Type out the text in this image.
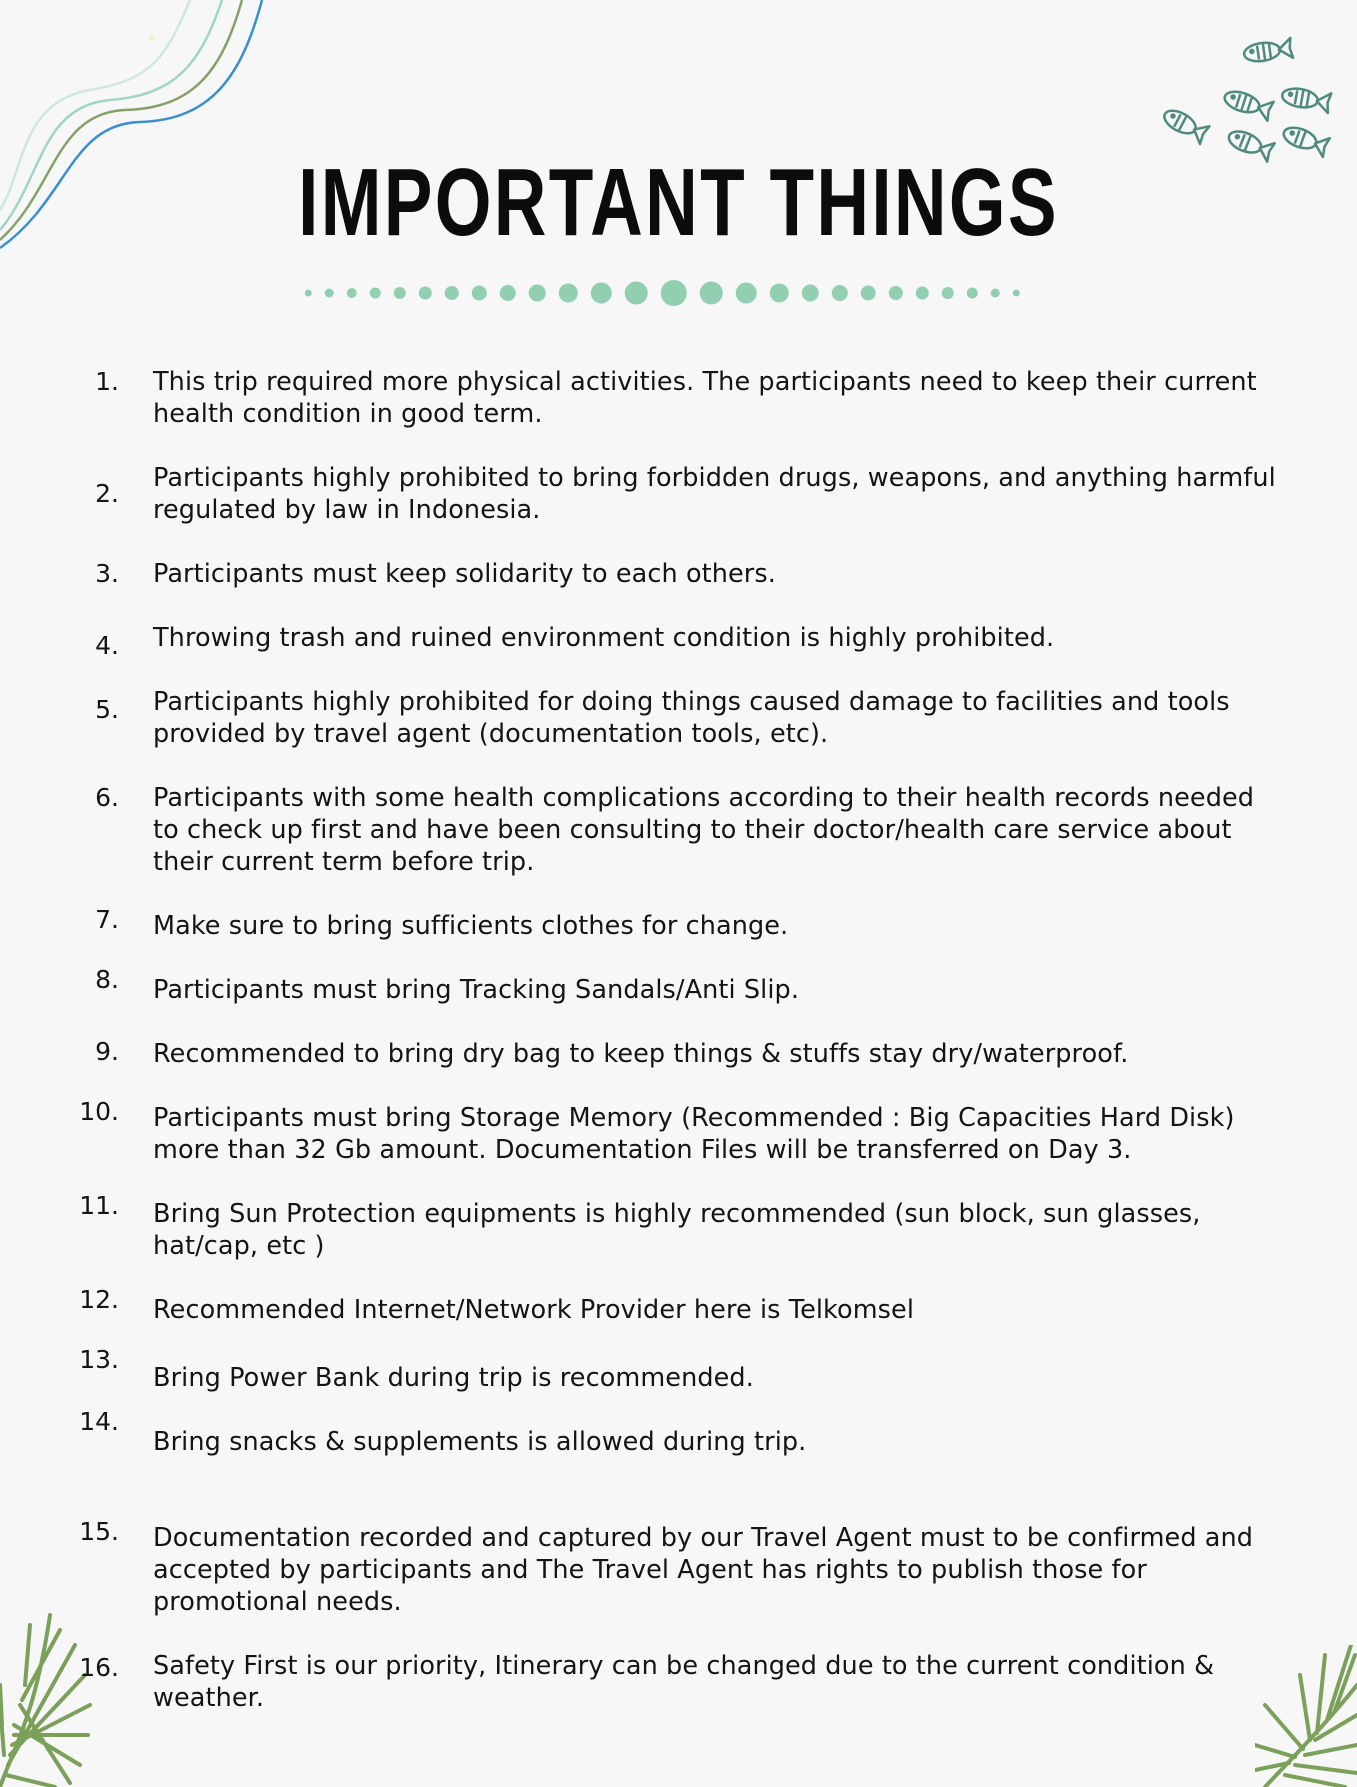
IMPORTANT THINGS
1. This trip required more physical activities. The participants need to keep their current health condition in good term.
2.
Participants highly prohibited to bring forbidden drugs, weapons, and anything harmful regulated by law in Indonesia.
3. Participants must keep solidarity to each others.
4. Throwing trash and ruined environment condition is highly prohibited.
5. Participants highly prohibited for doing things caused damage to facilities and tools provided by travel agent (documentation tools, etc).
6. Participants with some health complications according to their health records needed to check up first and have been consulting to their doctor/health care service about their current term before trip.
7. Make sure to bring sufficients clothes for change.
8. Participants must bring Tracking Sandals/Anti Slip.
9. Recommended to bring dry bag to keep things & stuffs stay dry/waterproof.
10. Participants must bring Storage Memory (Recommended : Big Capacities Hard Disk) more than 32 Gb amount. Documentation Files will be transferred on Day 3.
11. Bring Sun Protection equipments is highly recommended (sun block, sun glasses, hat/cap, etc )
12. Recommended Internet/Network Provider here is Telkomsel
13.
Bring Power Bank during trip is recommended.
14.
Bring snacks & supplements is allowed during trip.
15. Documentation recorded and captured by our Travel Agent must to be confirmed and accepted by participants and The Travel Agent has rights to publish those for promotional needs.
16. Safety First is our priority, Itinerary can be changed due to the current condition & weather.
